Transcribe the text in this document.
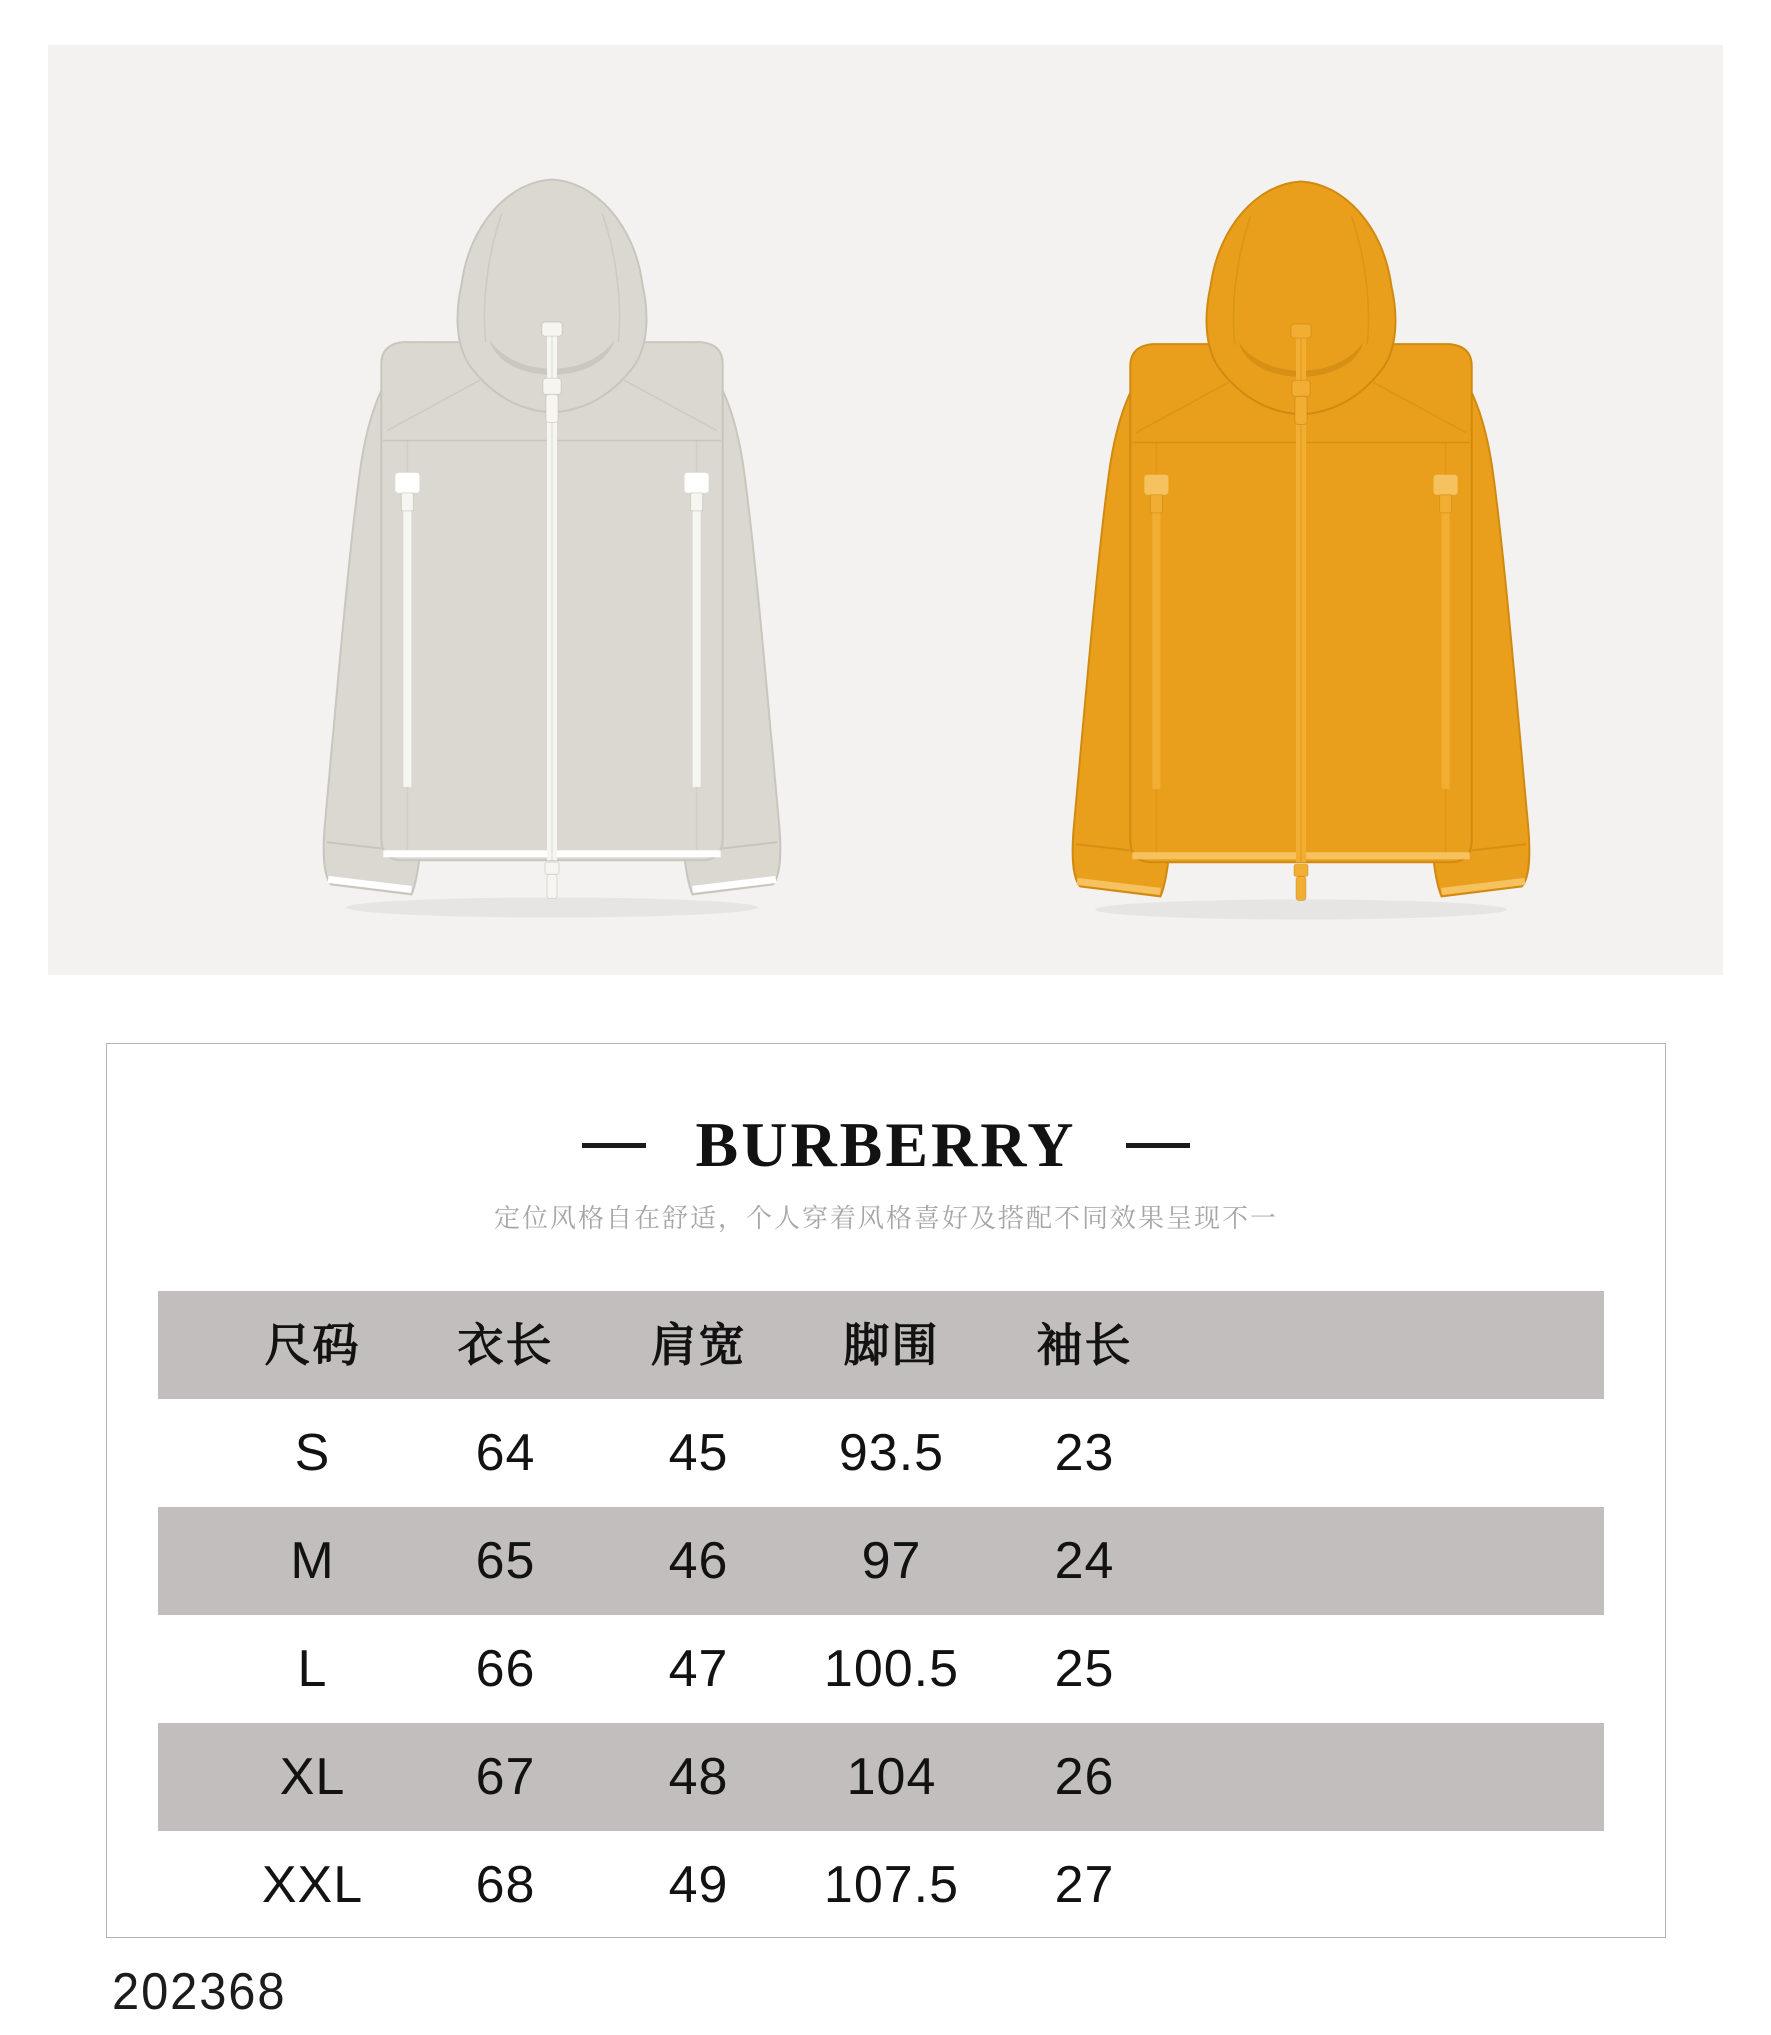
BURBERRY

定位风格自在舒适，个人穿着风格喜好及搭配不同效果呈现不一

尺码	衣长	肩宽	脚围	袖长
S	64	45	93.5	23
M	65	46	97	24
L	66	47	100.5	25
XL	67	48	104	26
XXL	68	49	107.5	27
202368
